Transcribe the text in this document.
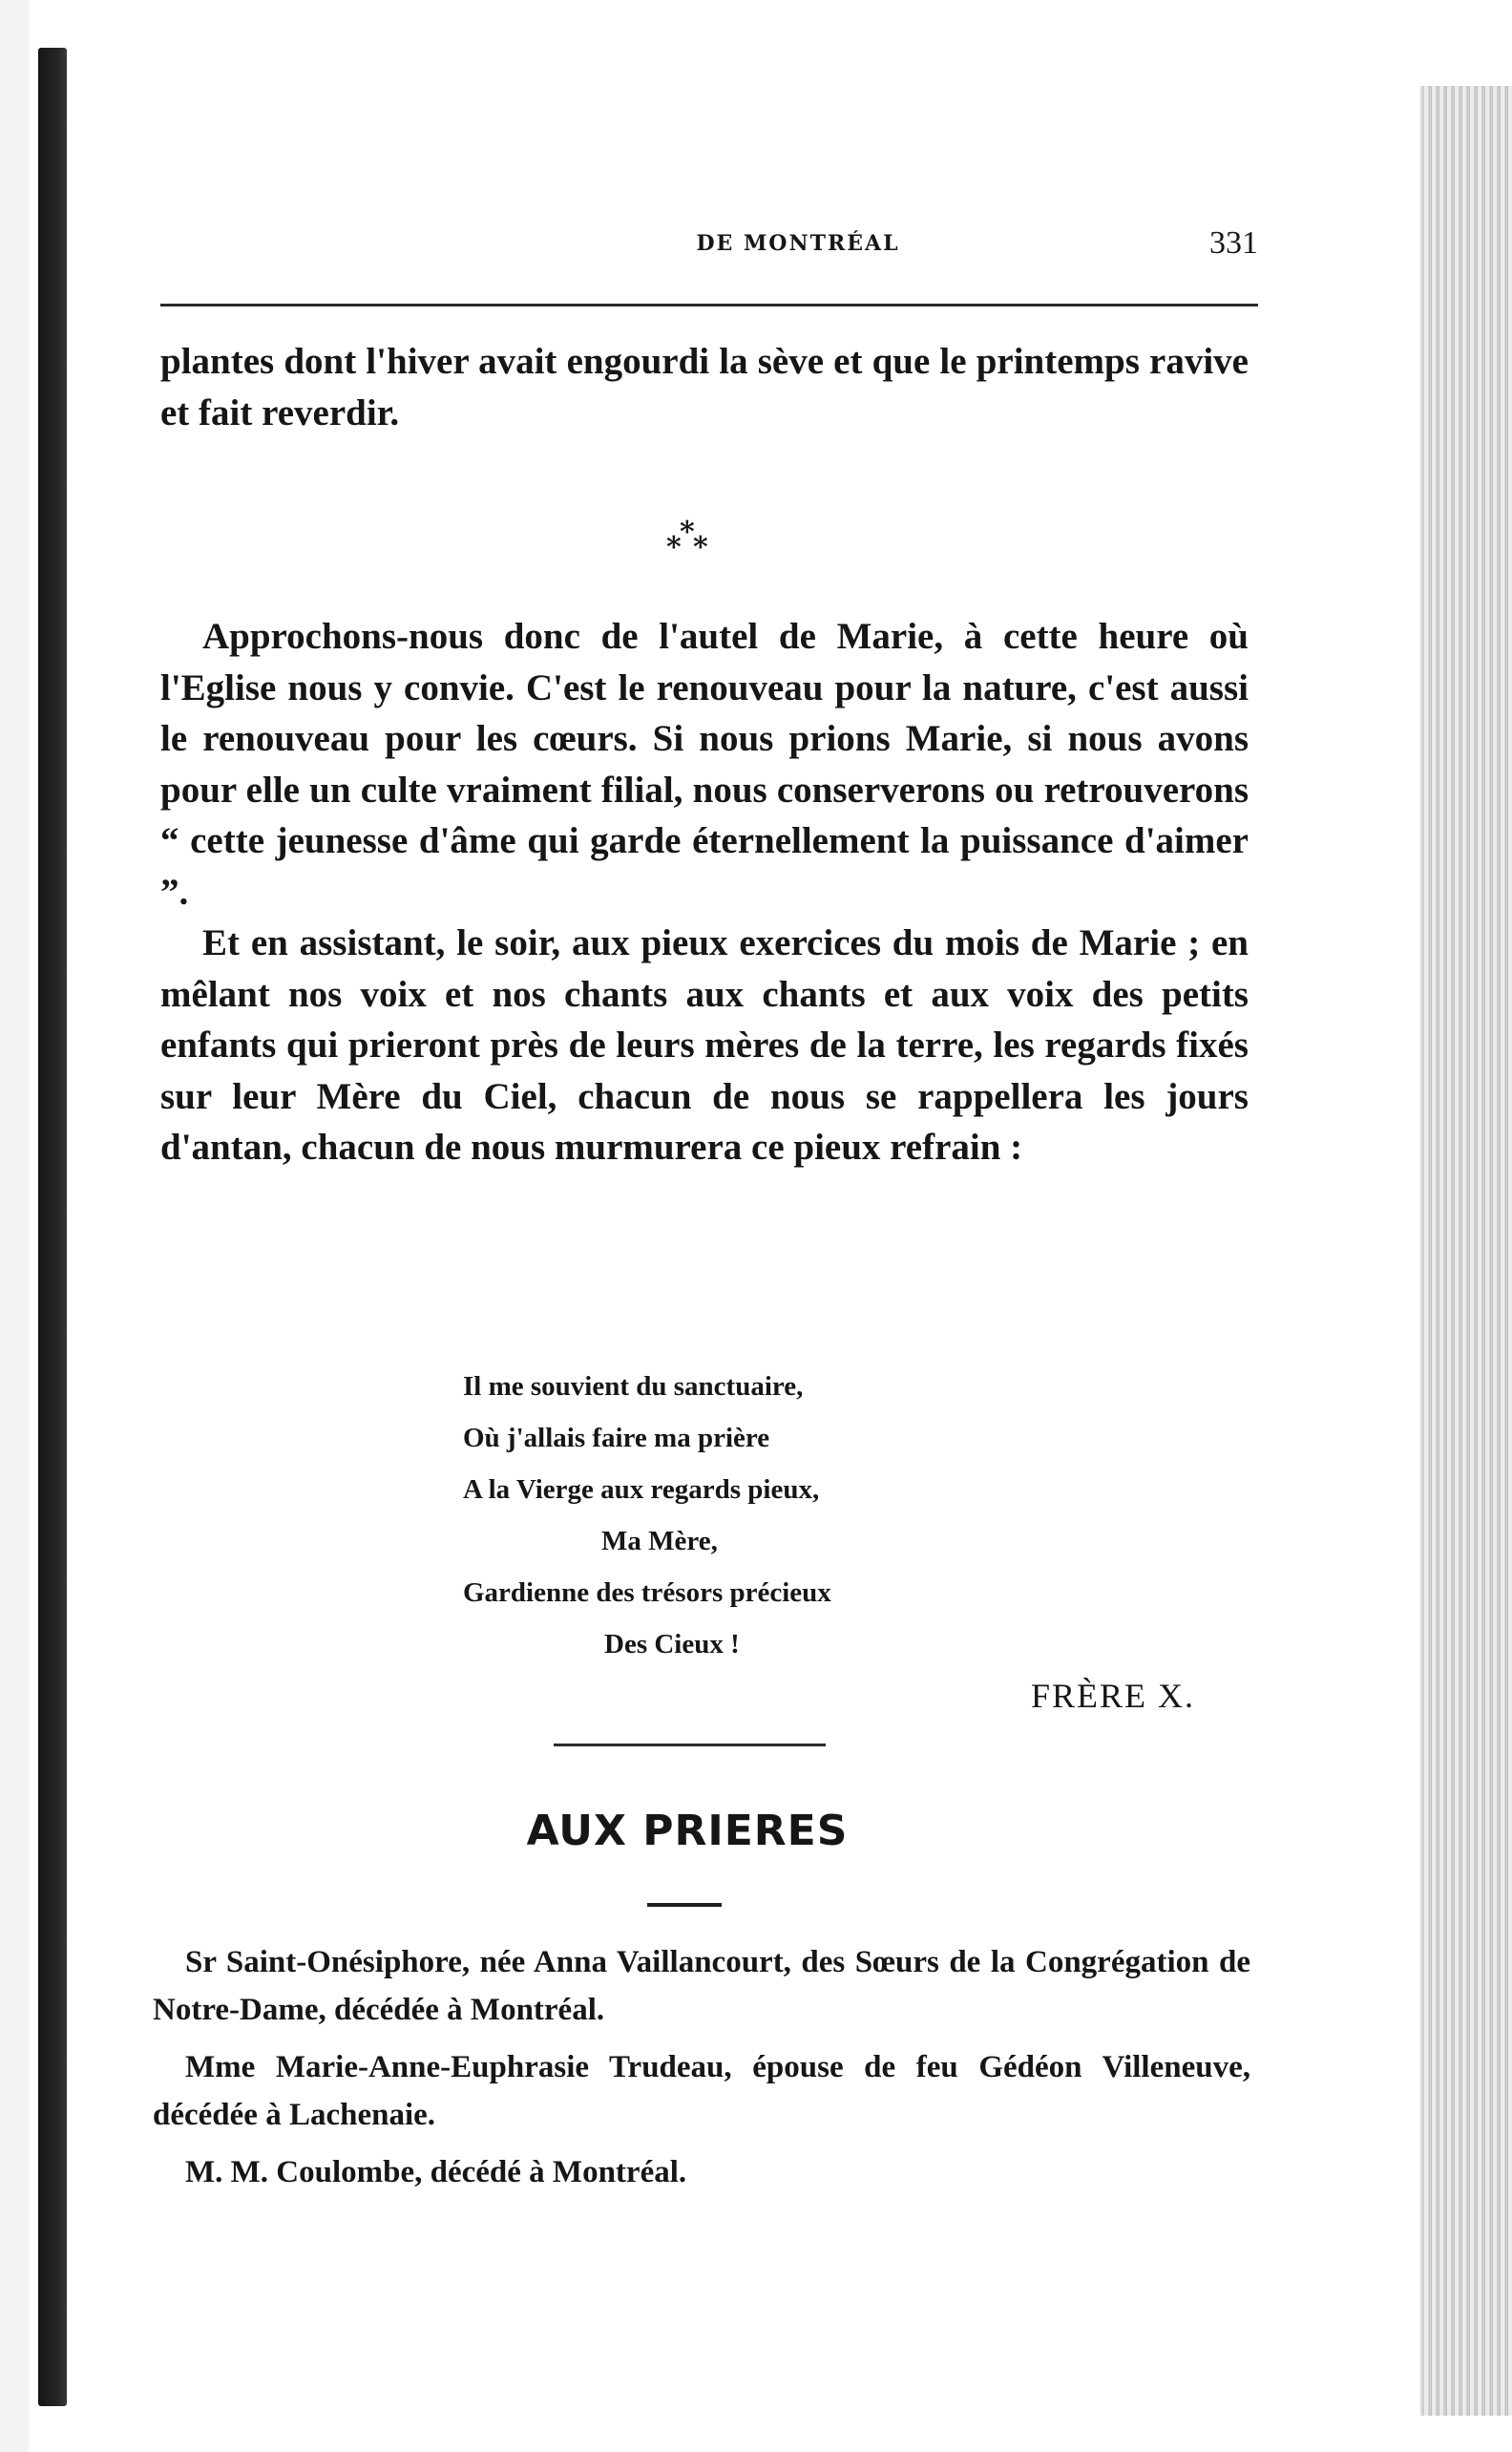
DE MONTRÉAL	331

plantes dont l'hiver avait engourdi la sève et que le printemps ravive et fait reverdir.

*
* *

Approchons-nous donc de l'autel de Marie, à cette heure où l'Eglise nous y convie. C'est le renouveau pour la nature, c'est aussi le renouveau pour les cœurs. Si nous prions Marie, si nous avons pour elle un culte vraiment filial, nous conserverons ou retrouverons “ cette jeunesse d'âme qui garde éternellement la puissance d'aimer ”.

Et en assistant, le soir, aux pieux exercices du mois de Marie ; en mêlant nos voix et nos chants aux chants et aux voix des petits enfants qui prieront près de leurs mères de la terre, les regards fixés sur leur Mère du Ciel, chacun de nous se rappellera les jours d'antan, chacun de nous murmurera ce pieux refrain :

Il me souvient du sanctuaire,
Où j'allais faire ma prière
A la Vierge aux regards pieux,
Ma Mère,
Gardienne des trésors précieux
Des Cieux !
FRÈRE X.
AUX PRIERES

Sr Saint-Onésiphore, née Anna Vaillancourt, des Sœurs de la Congrégation de Notre-Dame, décédée à Montréal.

Mme Marie-Anne-Euphrasie Trudeau, épouse de feu Gédéon Villeneuve, décédée à Lachenaie.

M. M. Coulombe, décédé à Montréal.
